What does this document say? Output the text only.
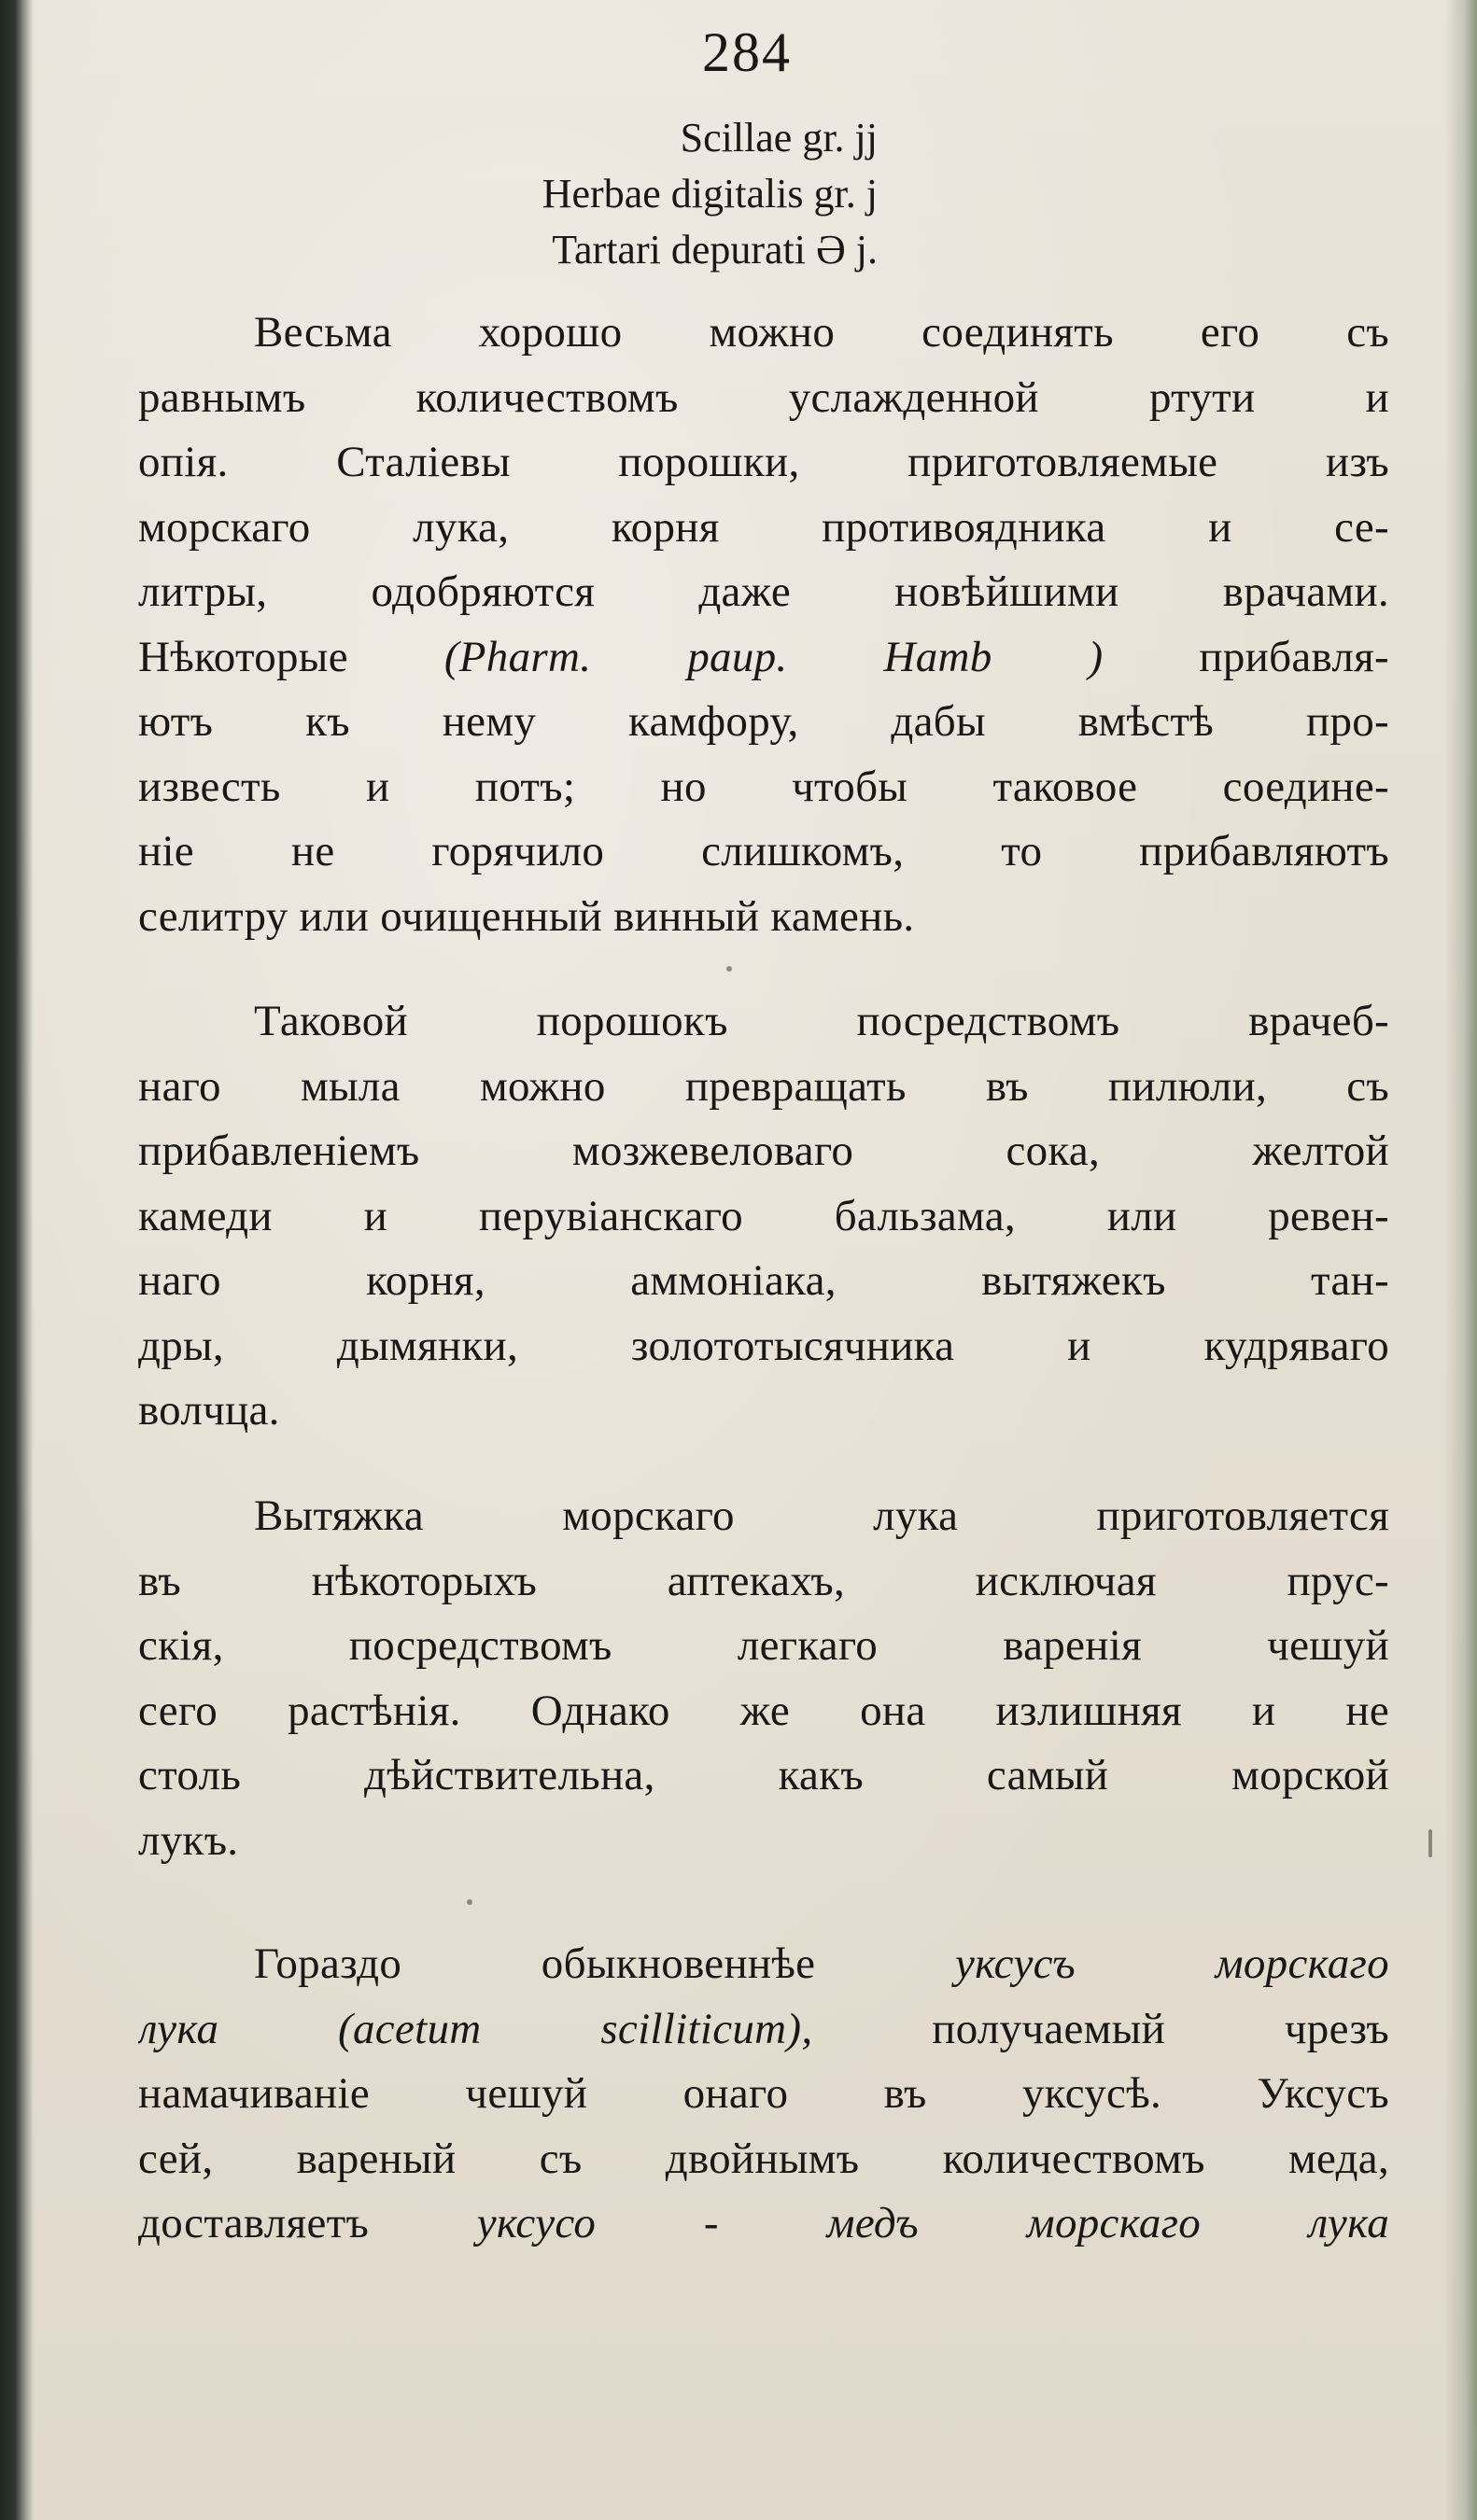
284
Scillae gr. jj
Herbae digitalis gr. j
Tartari depurati Ə j.
Весьма хорошо можно соединять его съ
равнымъ количествомъ услажденной ртути и
опія. Сталіевы порошки, приготовляемые изъ
морскаго лука, корня противоядника и се-
литры, одобряются даже новѣйшими врачами.
Нѣкоторые (Pharm. paup. Hamb ) прибавля-
ютъ къ нему камфору, дабы вмѣстѣ про-
известь и потъ; но чтобы таковое соедине-
ніе не горячило слишкомъ, то прибавляютъ
селитру или очищенный винный камень.
Таковой порошокъ посредствомъ врачеб-
наго мыла можно превращать въ пилюли, съ
прибавленіемъ мозжевеловаго сока, желтой
камеди и перувіанскаго бальзама, или ревен-
наго корня, аммоніака, вытяжекъ тан-
дры, дымянки, золототысячника и кудряваго
волчца.
Вытяжка морскаго лука приготовляется
въ нѣкоторыхъ аптекахъ, исключая прус-
скія, посредствомъ легкаго варенія чешуй
сего растѣнія. Однако же она излишняя и не
столь дѣйствительна, какъ самый морской
лукъ.
Гораздо обыкновеннѣе уксусъ морскаго
лука (acetum scilliticum), получаемый чрезъ
намачиваніе чешуй онаго въ уксусѣ. Уксусъ
сей, вареный съ двойнымъ количествомъ меда,
доставляетъ уксусо - медъ морскаго лука
